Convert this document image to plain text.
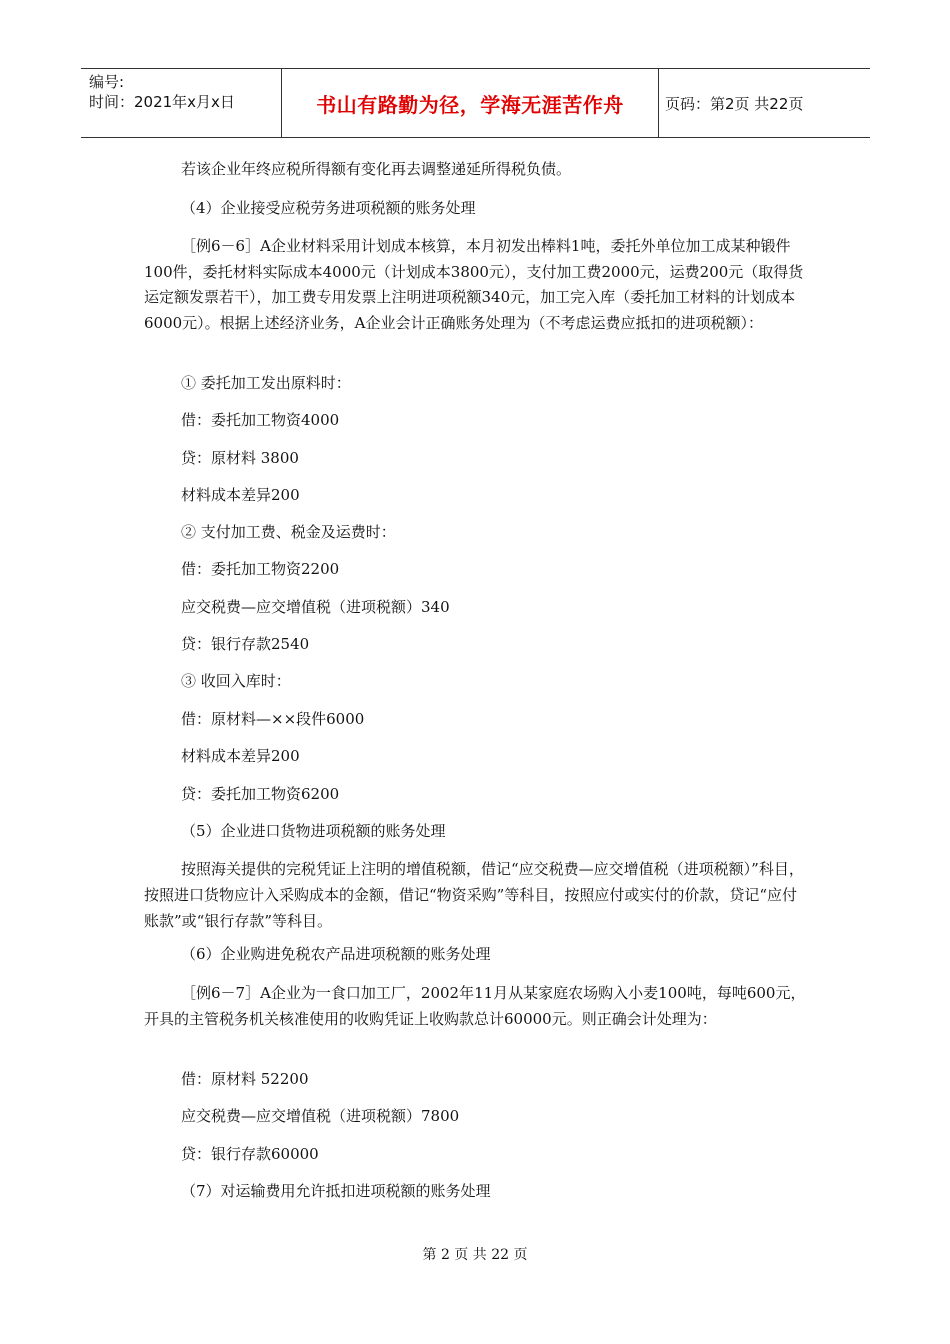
编号:
时间：2021年x月x日	书山有路勤为径，学海无涯苦作舟	页码：第2页 共22页
若该企业年终应税所得额有变化再去调整递延所得税负债。
（4）企业接受应税劳务进项税额的账务处理
［例6－6］A企业材料采用计划成本核算，本月初发出棒料1吨，委托外单位加工成某种锻件100件，委托材料实际成本4000元（计划成本3800元），支付加工费2000元，运费200元（取得货运定额发票若干），加工费专用发票上注明进项税额340元，加工完入库（委托加工材料的计划成本6000元）。根据上述经济业务，A企业会计正确账务处理为（不考虑运费应抵扣的进项税额）：
① 委托加工发出原料时：
借：委托加工物资4000
贷：原材料 3800
材料成本差异200
② 支付加工费、税金及运费时：
借：委托加工物资2200
应交税费—应交增值税（进项税额）340
贷：银行存款2540
③ 收回入库时：
借：原材料—××段件6000
材料成本差异200
贷：委托加工物资6200
（5）企业进口货物进项税额的账务处理
按照海关提供的完税凭证上注明的增值税额，借记“应交税费—应交增值税（进项税额）”科目，按照进口货物应计入采购成本的金额，借记“物资采购”等科目，按照应付或实付的价款，贷记“应付账款”或“银行存款”等科目。
（6）企业购进免税农产品进项税额的账务处理
［例6－7］A企业为一食口加工厂，2002年11月从某家庭农场购入小麦100吨，每吨600元，开具的主管税务机关核准使用的收购凭证上收购款总计60000元。则正确会计处理为：
借：原材料 52200
应交税费—应交增值税（进项税额）7800
贷：银行存款60000
（7）对运输费用允许抵扣进项税额的账务处理
第 2 页 共 22 页
